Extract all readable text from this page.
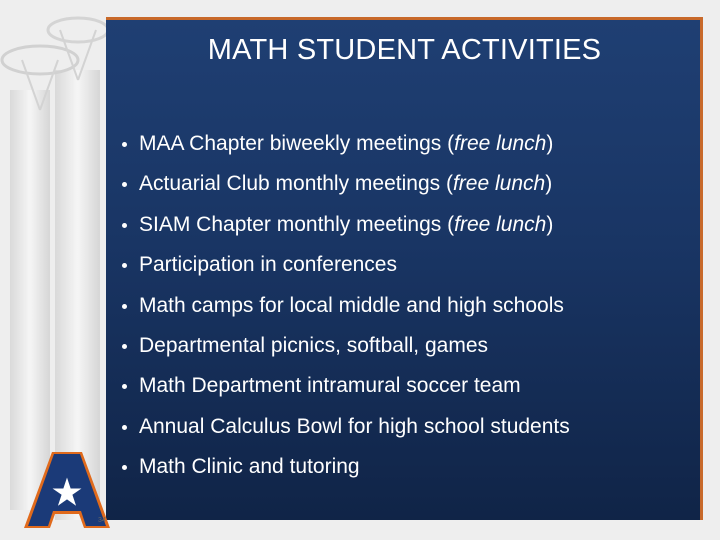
MATH STUDENT ACTIVITIES
MAA Chapter biweekly meetings (free lunch)
Actuarial Club monthly meetings (free lunch)
SIAM Chapter monthly meetings (free lunch)
Participation in conferences
Math camps for local middle and high schools
Departmental picnics, softball, games
Math Department intramural soccer team
Annual Calculus Bowl for high school students
Math Clinic and tutoring
34
